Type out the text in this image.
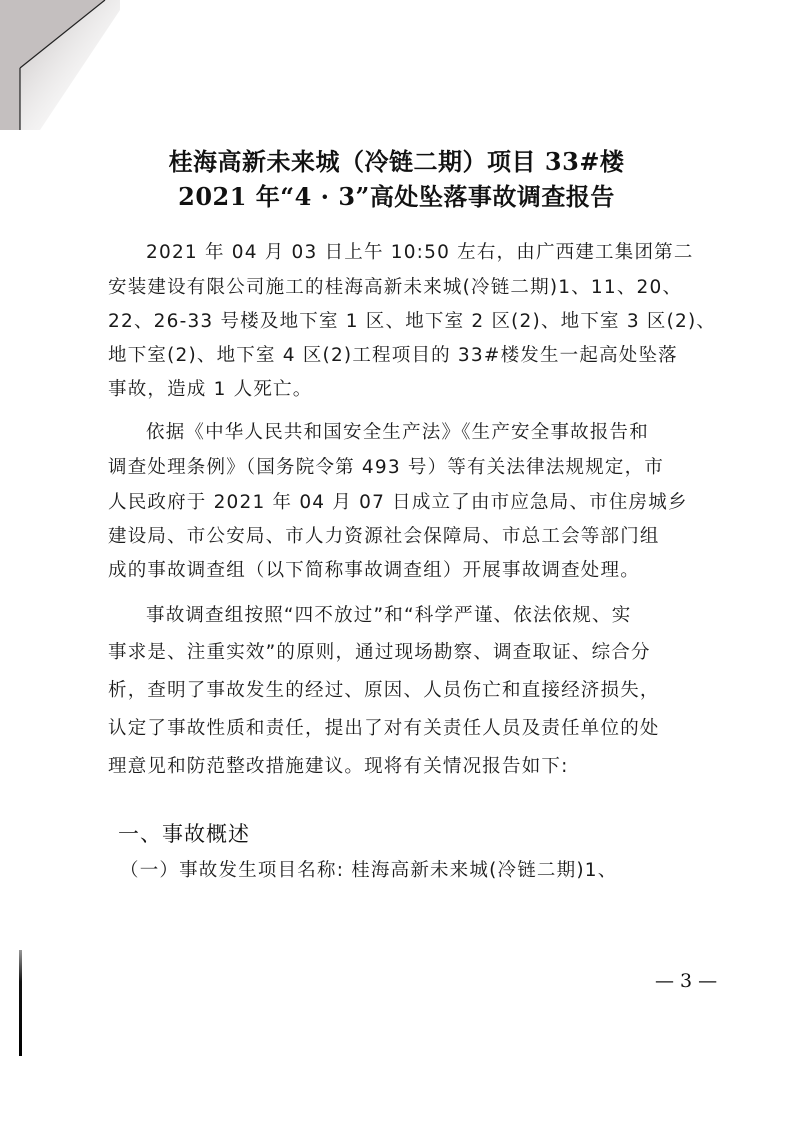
桂海高新未来城（冷链二期）项目 33#楼
2021 年“4 · 3”高处坠落事故调查报告
2021 年 04 月 03 日上午 10:50 左右，由广西建工集团第二
安装建设有限公司施工的桂海高新未来城(冷链二期)1、11、20、
22、26-33 号楼及地下室 1 区、地下室 2 区(2)、地下室 3 区(2)、
地下室(2)、地下室 4 区(2)工程项目的 33#楼发生一起高处坠落
事故，造成 1 人死亡。
依据《中华人民共和国安全生产法》《生产安全事故报告和
调查处理条例》（国务院令第 493 号）等有关法律法规规定，市
人民政府于 2021 年 04 月 07 日成立了由市应急局、市住房城乡
建设局、市公安局、市人力资源社会保障局、市总工会等部门组
成的事故调查组（以下简称事故调查组）开展事故调查处理。
事故调查组按照“四不放过”和“科学严谨、依法依规、实
事求是、注重实效”的原则，通过现场勘察、调查取证、综合分
析，查明了事故发生的经过、原因、人员伤亡和直接经济损失，
认定了事故性质和责任，提出了对有关责任人员及责任单位的处
理意见和防范整改措施建议。现将有关情况报告如下:
一、事故概述
（一）事故发生项目名称: 桂海高新未来城(冷链二期)1、
— 3 —
